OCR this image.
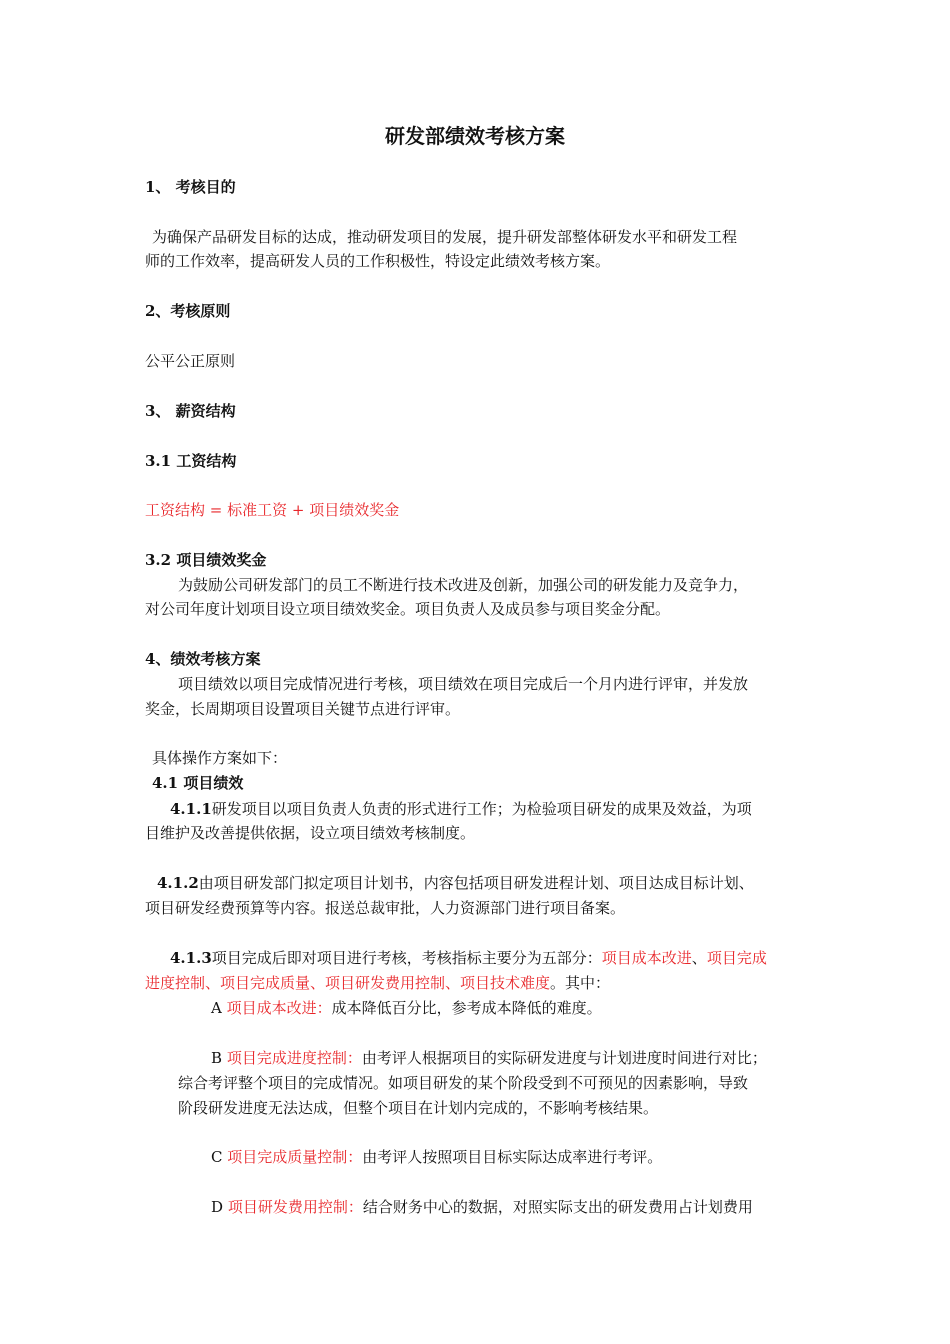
研发部绩效考核方案
1、 考核目的
为确保产品研发目标的达成，推动研发项目的发展，提升研发部整体研发水平和研发工程
师的工作效率，提高研发人员的工作积极性，特设定此绩效考核方案。
2、考核原则
公平公正原则
3、 薪资结构
3.1 工资结构
工资结构 = 标准工资 + 项目绩效奖金
3.2 项目绩效奖金
为鼓励公司研发部门的员工不断进行技术改进及创新，加强公司的研发能力及竞争力，
对公司年度计划项目设立项目绩效奖金。项目负责人及成员参与项目奖金分配。
4、绩效考核方案
项目绩效以项目完成情况进行考核，项目绩效在项目完成后一个月内进行评审，并发放
奖金，长周期项目设置项目关键节点进行评审。
具体操作方案如下：
4.1 项目绩效
4.1.1研发项目以项目负责人负责的形式进行工作；为检验项目研发的成果及效益，为项
目维护及改善提供依据，设立项目绩效考核制度。
4.1.2由项目研发部门拟定项目计划书，内容包括项目研发进程计划、项目达成目标计划、
项目研发经费预算等内容。报送总裁审批，人力资源部门进行项目备案。
4.1.3项目完成后即对项目进行考核，考核指标主要分为五部分：项目成本改进、项目完成
进度控制、项目完成质量、项目研发费用控制、项目技术难度。其中：
A 项目成本改进：成本降低百分比，参考成本降低的难度。
B 项目完成进度控制：由考评人根据项目的实际研发进度与计划进度时间进行对比；
综合考评整个项目的完成情况。如项目研发的某个阶段受到不可预见的因素影响，导致
阶段研发进度无法达成，但整个项目在计划内完成的，不影响考核结果。
C 项目完成质量控制：由考评人按照项目目标实际达成率进行考评。
D 项目研发费用控制：结合财务中心的数据，对照实际支出的研发费用占计划费用
